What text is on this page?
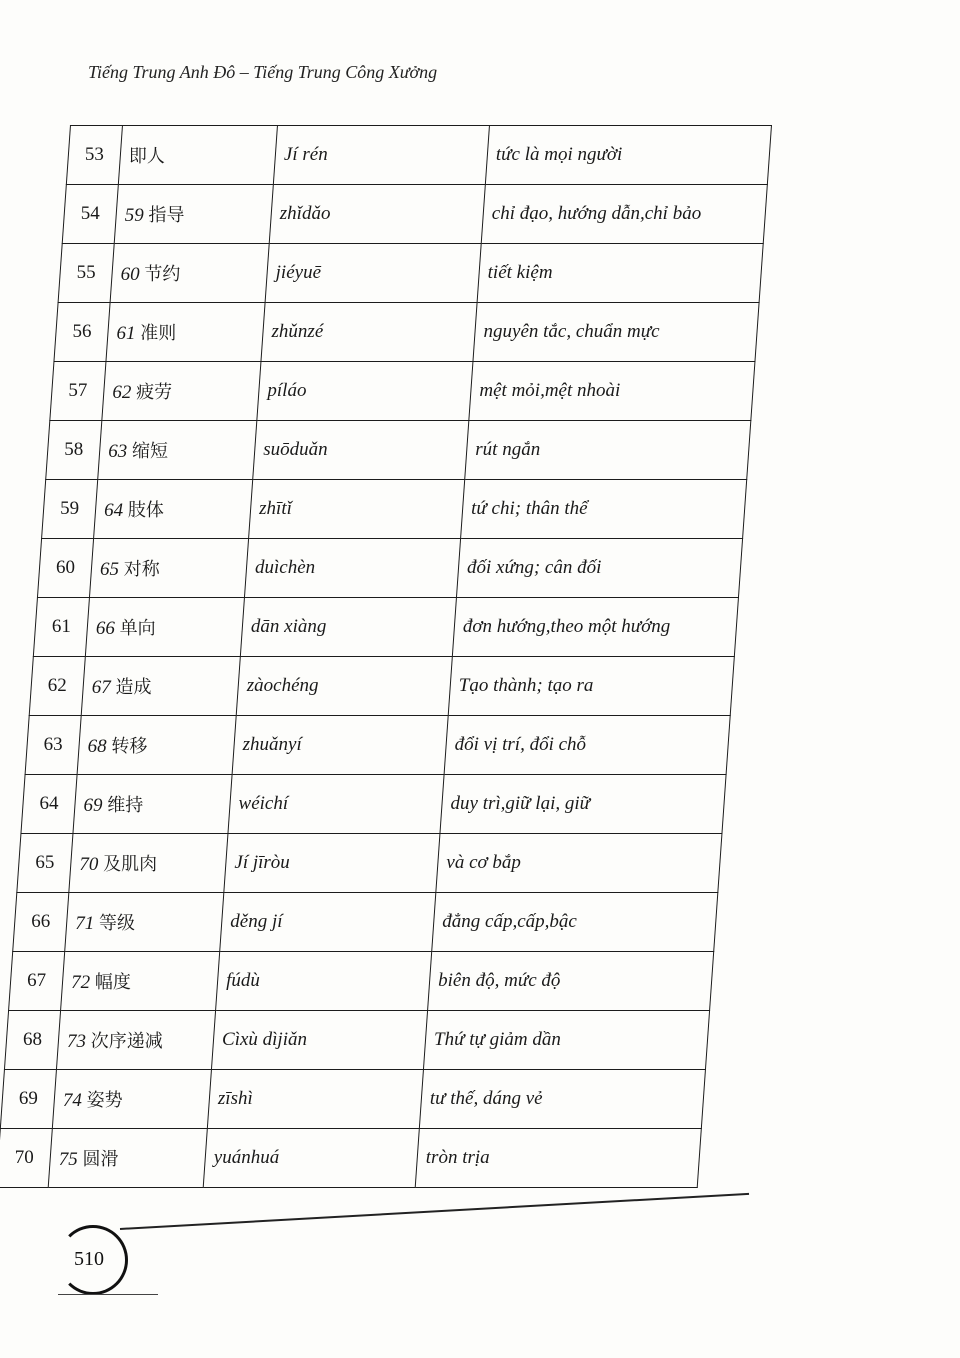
Tiếng Trung Anh Đô – Tiếng Trung Công Xưởng
53	即人	Jí rén	tức là mọi người
54	59 指导	zhǐdǎo	chỉ đạo, hướng dẫn,chỉ bảo
55	60 节约	jiéyuē	tiết kiệm
56	61 准则	zhǔnzé	nguyên tắc, chuẩn mực
57	62 疲劳	píláo	mệt mỏi,mệt nhoài
58	63 缩短	suōduǎn	rút ngắn
59	64 肢体	zhītǐ	tứ chi; thân thể
60	65 对称	duìchèn	đối xứng; cân đối
61	66 单向	dān xiàng	đơn hướng,theo một hướng
62	67 造成	zàochéng	Tạo thành; tạo ra
63	68 转移	zhuǎnyí	đổi vị trí, đổi chỗ
64	69 维持	wéichí	duy trì,giữ lại, giữ
65	70 及肌肉	Jí jīròu	và cơ bắp
66	71 等级	děng jí	đẳng cấp,cấp,bậc
67	72 幅度	fúdù	biên độ, mức độ
68	73 次序递减	Cìxù dìjiǎn	Thứ tự giảm dần
69	74 姿势	zīshì	tư thế, dáng vẻ
70	75 圆滑	yuánhuá	tròn trịa
510
